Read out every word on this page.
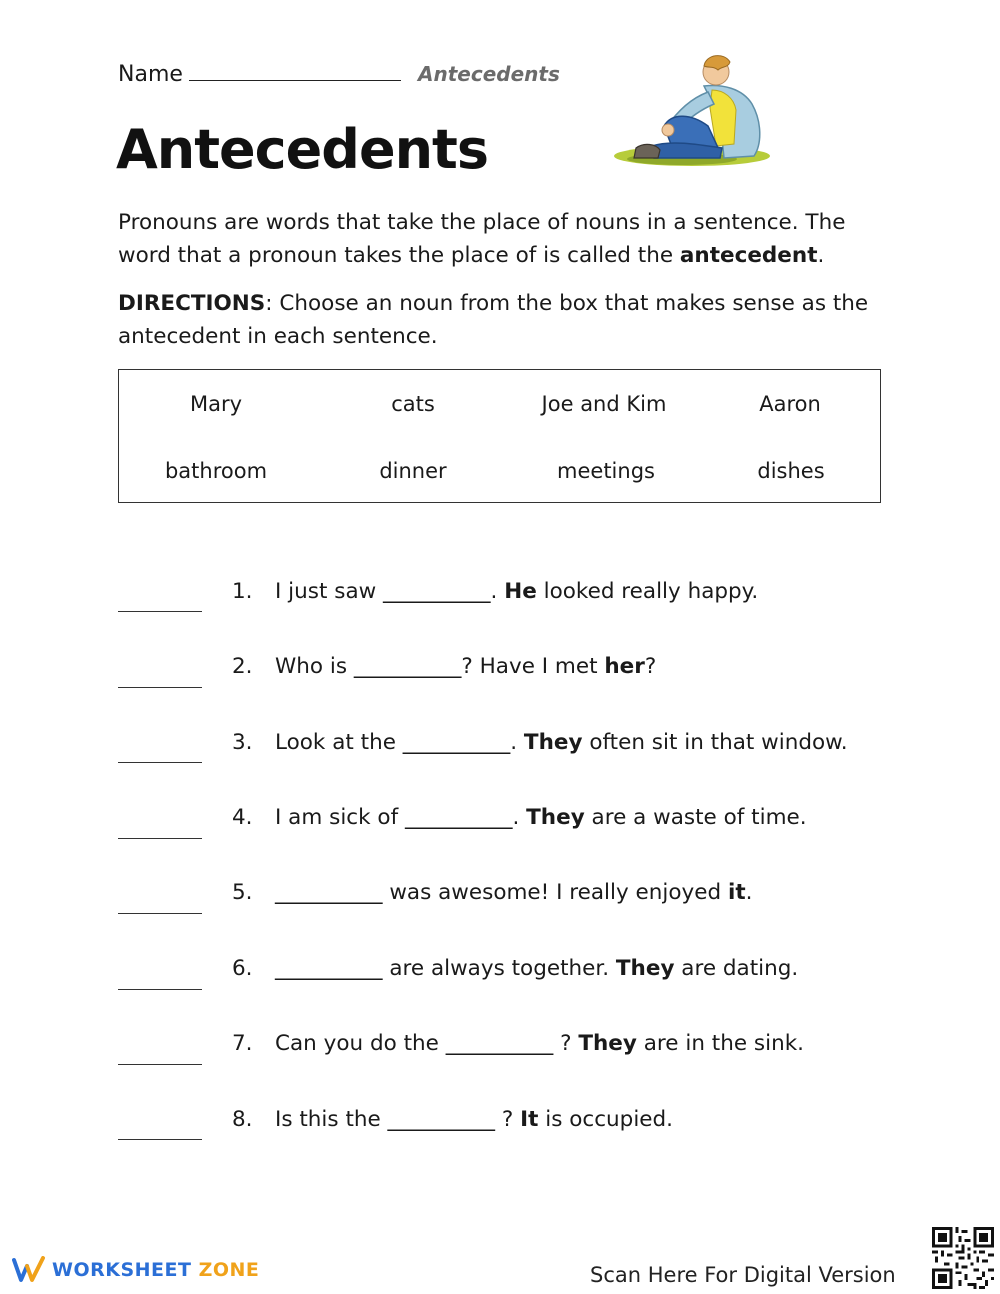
Name	Antecedents
Antecedents
Pronouns are words that take the place of nouns in a sentence. The word that a pronoun takes the place of is called the antecedent.
DIRECTIONS: Choose an noun from the box that makes sense as the antecedent in each sentence.
Mary	cats	Joe and Kim	Aaron
bathroom	dinner	meetings	dishes
1. I just saw __________. He looked really happy.
2. Who is __________? Have I met her?
3. Look at the __________. They often sit in that window.
4. I am sick of __________. They are a waste of time.
5. __________ was awesome! I really enjoyed it.
6. __________ are always together. They are dating.
7. Can you do the __________ ? They are in the sink.
8. Is this the __________ ? It is occupied.
WORKSHEET ZONE	Scan Here For Digital Version
